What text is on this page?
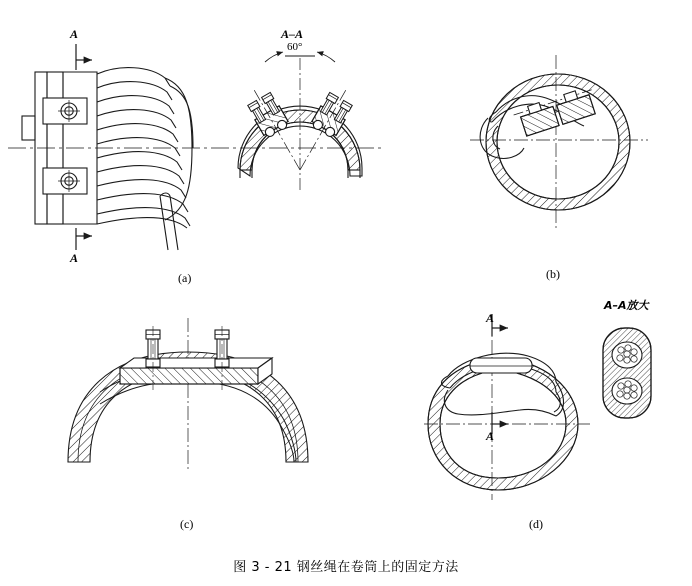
A
A
A–A
60°
(a)	(b)
(c)	(d)
A
A
A–A放大
图 3 - 21 钢丝绳在卷筒上的固定方法
